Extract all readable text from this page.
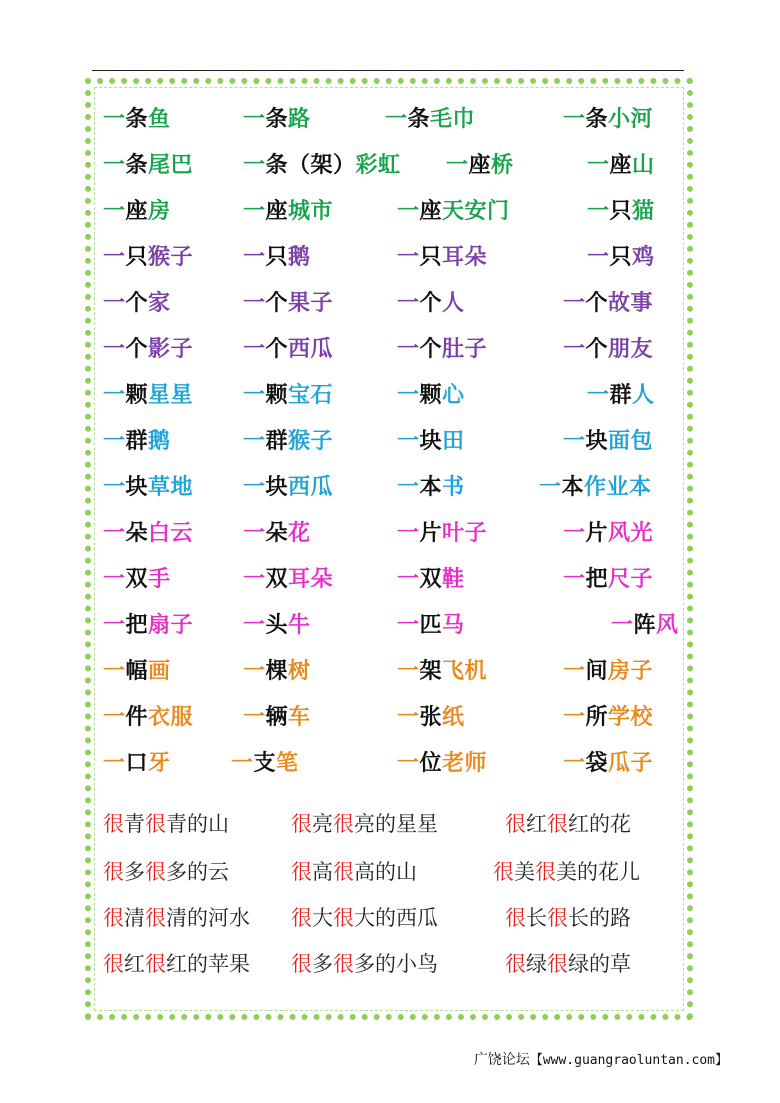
一条鱼	一条路	一条毛巾	一条小河
一条尾巴 一条（架）彩虹 一座桥	一座山
一座房	一座城市	一座天安门	一只猫
一只猴子 一只鹅	一只耳朵	一只鸡
一个家	一个果子	一个人	一个故事
一个影子 一个西瓜	一个肚子	一个朋友
一颗星星 一颗宝石	一颗心	一群人
一群鹅	一群猴子	一块田	一块面包
一块草地 一块西瓜	一本书	一本作业本
一朵白云 一朵花	一片叶子	一片风光
一双手	一双耳朵	一双鞋	一把尺子
一把扇子 一头牛	一匹马	一阵风
一幅画	一棵树	一架飞机	一间房子
一件衣服 一辆车	一张纸	一所学校
一口牙	一支笔	一位老师	一袋瓜子
很青很青的山	很亮很亮的星星	很红很红的花
很多很多的云	很高很高的山	很美很美的花儿
很清很清的河水 很大很大的西瓜	很长很长的路
很红很红的苹果 很多很多的小鸟	很绿很绿的草
广饶论坛【www.guangraoluntan.com】
